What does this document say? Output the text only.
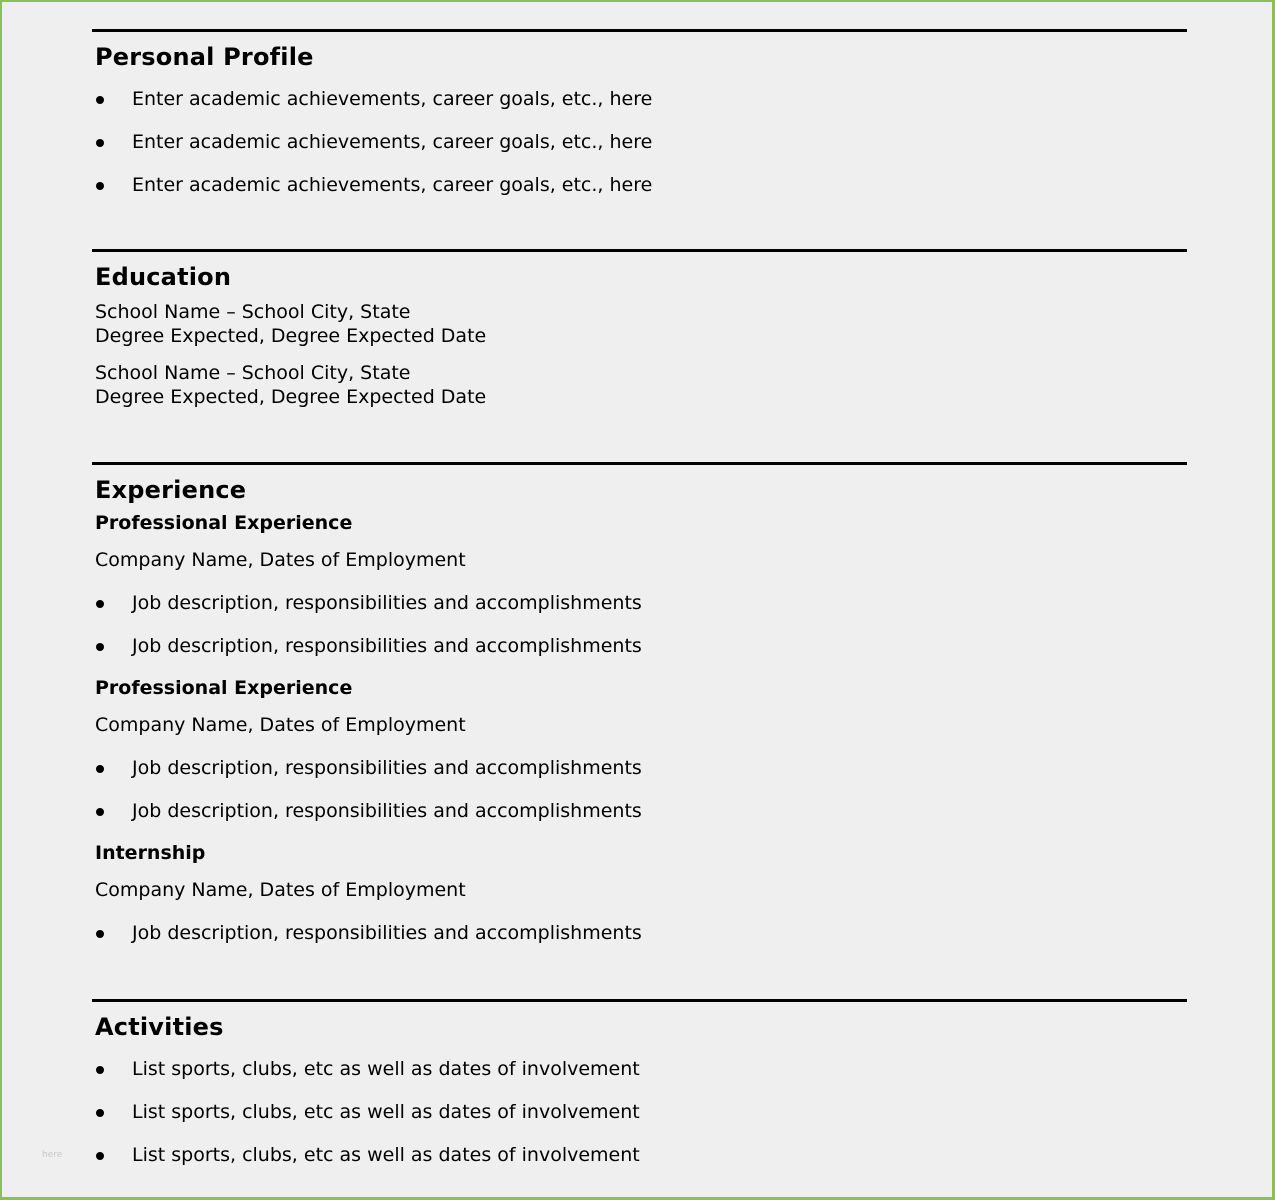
Personal Profile
Enter academic achievements, career goals, etc., here
Enter academic achievements, career goals, etc., here
Enter academic achievements, career goals, etc., here
Education

School Name – School City, State

Degree Expected, Degree Expected Date

School Name – School City, State

Degree Expected, Degree Expected Date

Experience

Professional Experience

Company Name, Dates of Employment

Job description, responsibilities and accomplishments
Job description, responsibilities and accomplishments

Professional Experience

Company Name, Dates of Employment

Job description, responsibilities and accomplishments
Job description, responsibilities and accomplishments

Internship

Company Name, Dates of Employment

Job description, responsibilities and accomplishments
Activities
List sports, clubs, etc as well as dates of involvement
List sports, clubs, etc as well as dates of involvement
List sports, clubs, etc as well as dates of involvement
here
